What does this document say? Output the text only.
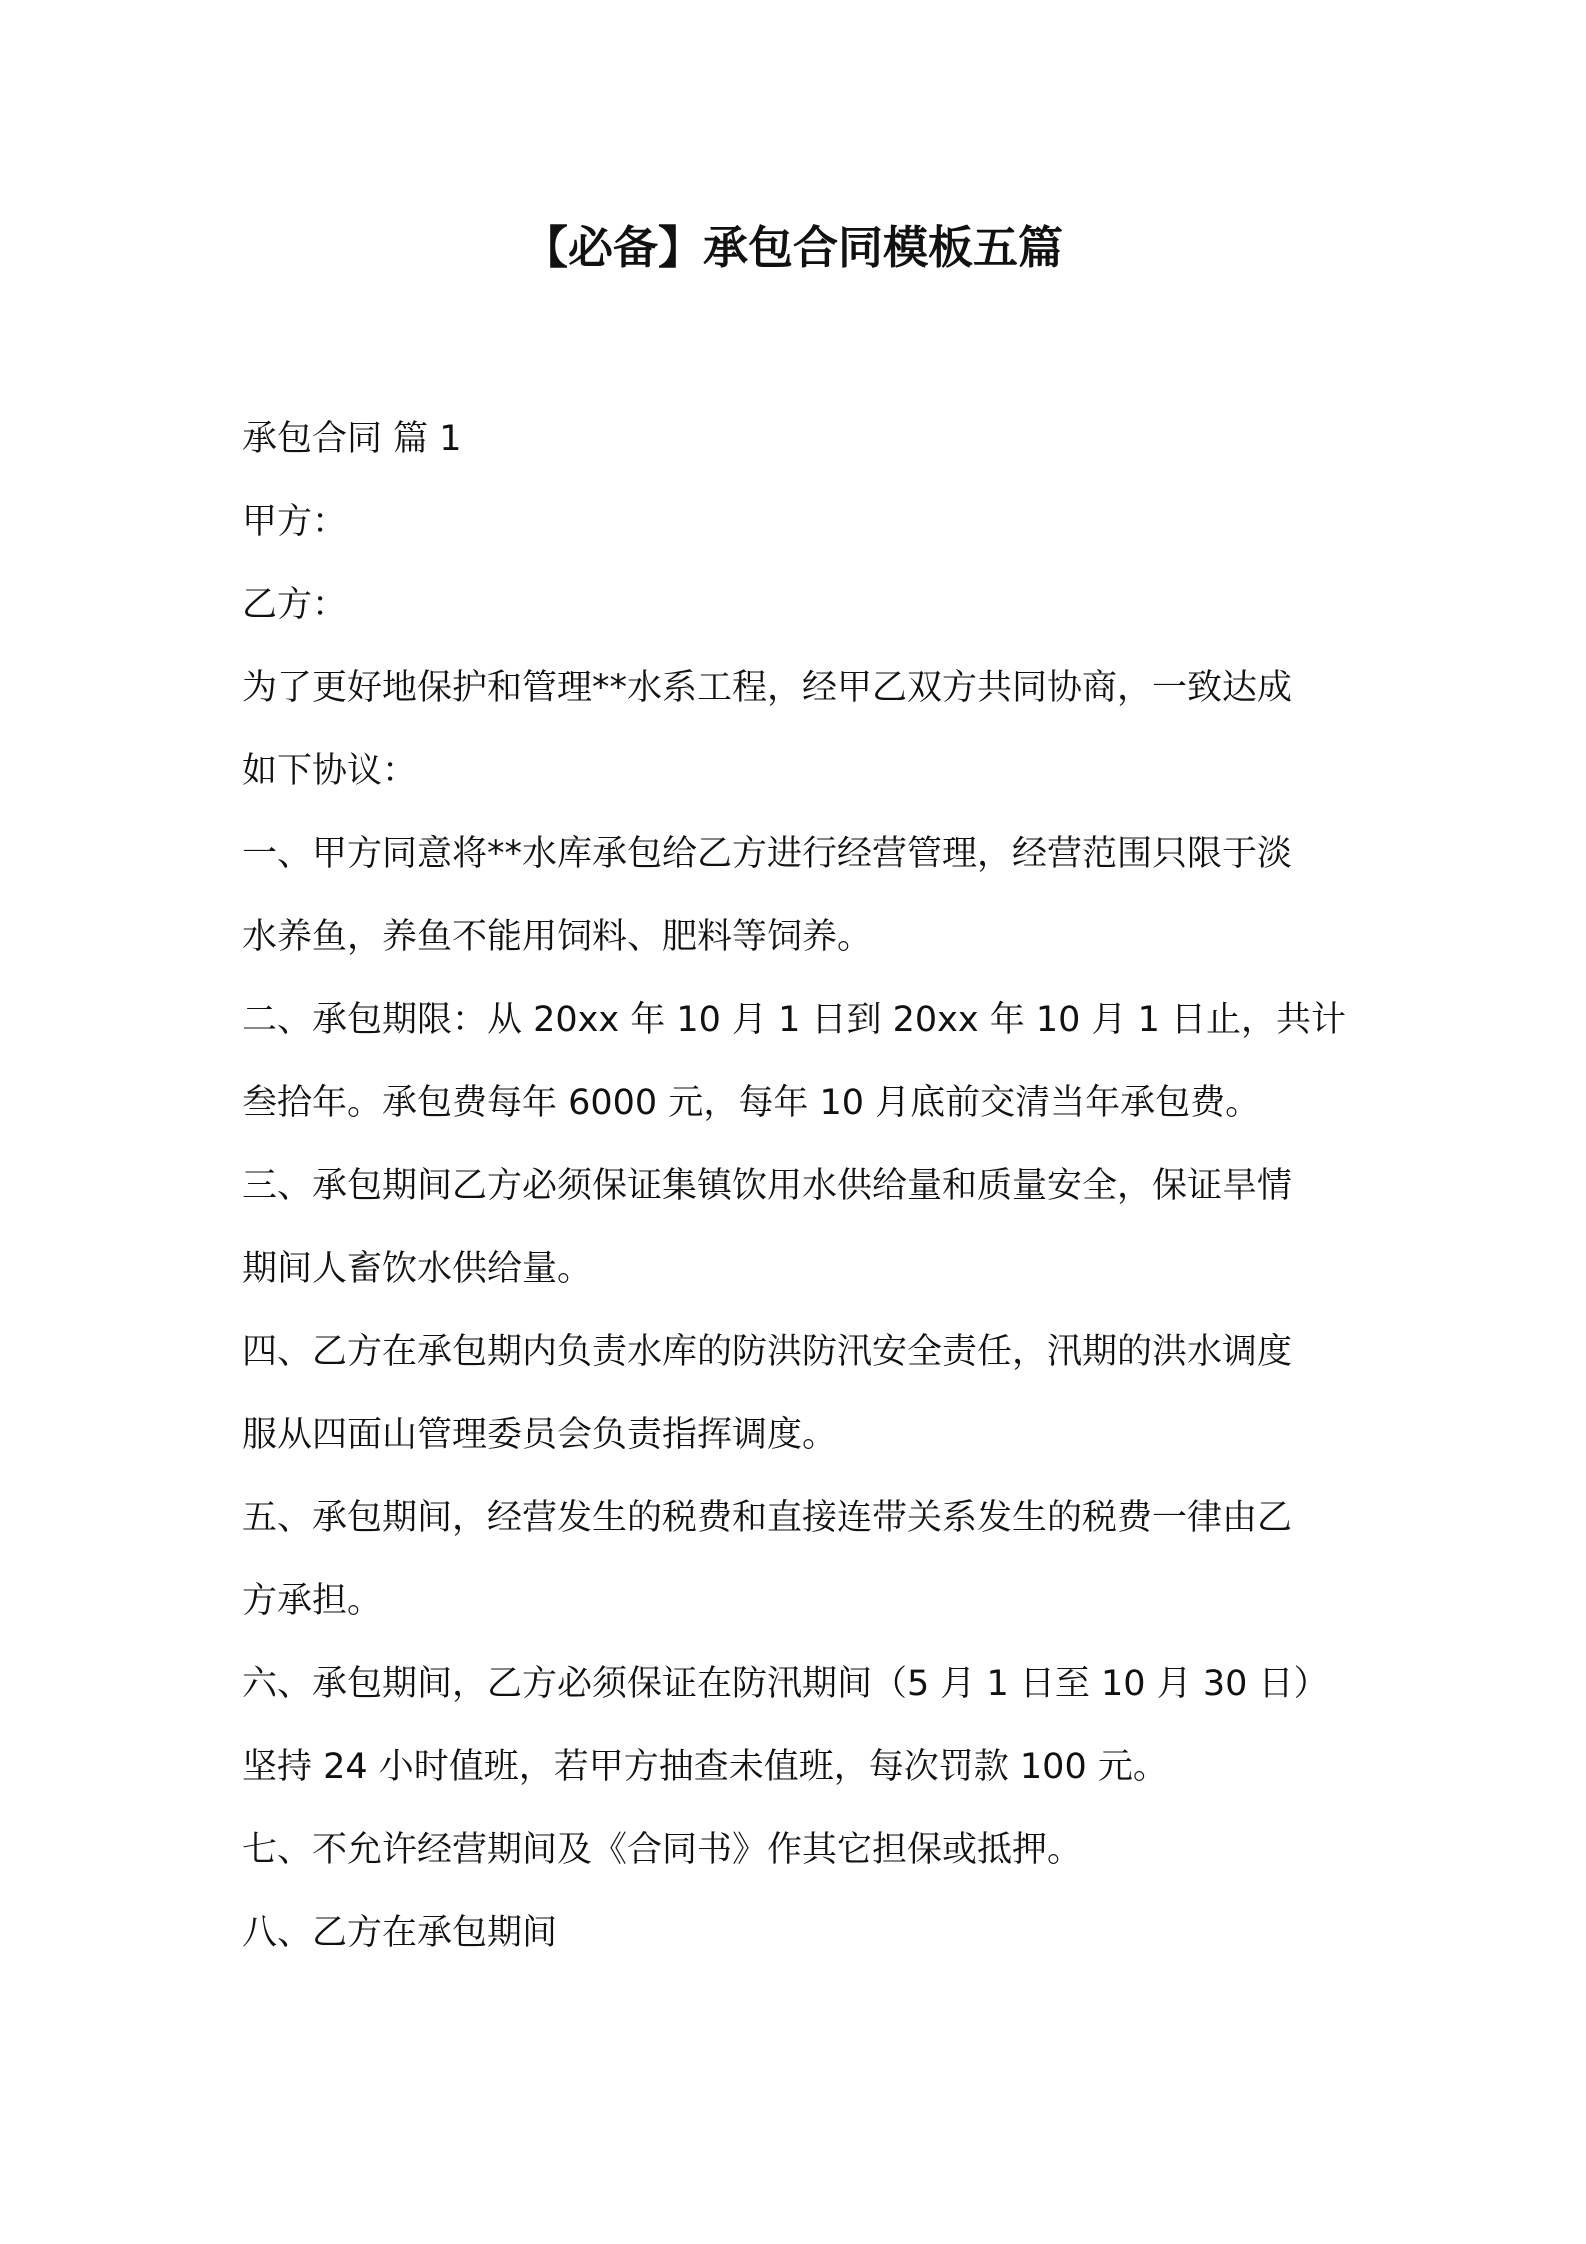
【必备】承包合同模板五篇
承包合同 篇 1
甲方：
乙方：
为了更好地保护和管理**水系工程，经甲乙双方共同协商，一致达成
如下协议：
一、甲方同意将**水库承包给乙方进行经营管理，经营范围只限于淡
水养鱼，养鱼不能用饲料、肥料等饲养。
二、承包期限：从 20xx 年 10 月 1 日到 20xx 年 10 月 1 日止，共计
叁拾年。承包费每年 6000 元，每年 10 月底前交清当年承包费。
三、承包期间乙方必须保证集镇饮用水供给量和质量安全，保证旱情
期间人畜饮水供给量。
四、乙方在承包期内负责水库的防洪防汛安全责任，汛期的洪水调度
服从四面山管理委员会负责指挥调度。
五、承包期间，经营发生的税费和直接连带关系发生的税费一律由乙
方承担。
六、承包期间，乙方必须保证在防汛期间（5 月 1 日至 10 月 30 日）
坚持 24 小时值班，若甲方抽查未值班，每次罚款 100 元。
七、不允许经营期间及《合同书》作其它担保或抵押。
八、乙方在承包期间
